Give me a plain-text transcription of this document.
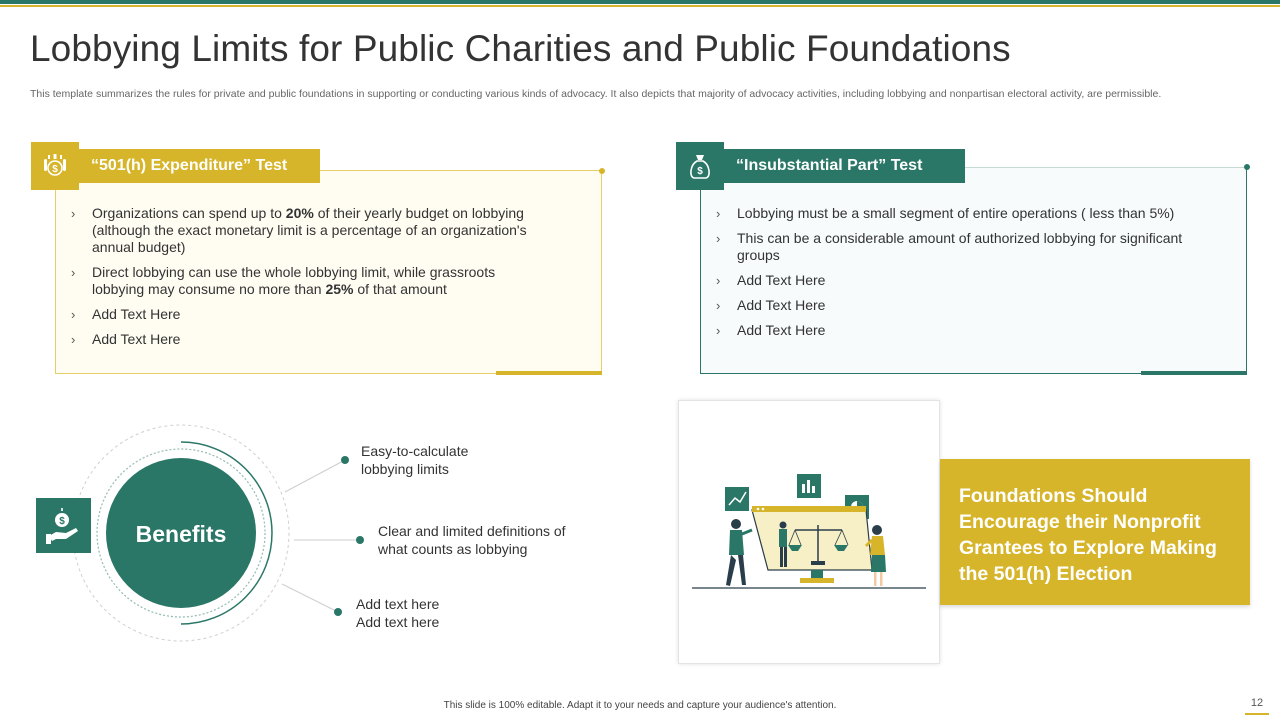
Lobbying Limits for Public Charities and Public Foundations

This template summarizes the rules for private and public foundations in supporting or conducting various kinds of advocacy. It also depicts that majority of advocacy activities, including lobbying and nonpartisan electoral activity, are permissible.

$	“501(h) Expenditure” Test
› Organizations can spend up to 20% of their yearly budget on lobbying (although the exact monetary limit is a percentage of an organization's annual budget)
› Direct lobbying can use the whole lobbying limit, while grassroots lobbying may consume no more than 25% of that amount
› Add Text Here
› Add Text Here
$	“Insubstantial Part” Test
› Lobbying must be a small segment of entire operations ( less than 5%)
› This can be a considerable amount of authorized lobbying for significant groups
› Add Text Here
› Add Text Here
› Add Text Here
Benefits
$
Easy-to-calculate
lobbying limits
Clear and limited definitions of
what counts as lobbying
Add text here
Add text here
Foundations Should Encourage their Nonprofit Grantees to Explore Making the 501(h) Election
This slide is 100% editable. Adapt it to your needs and capture your audience's attention.	12
